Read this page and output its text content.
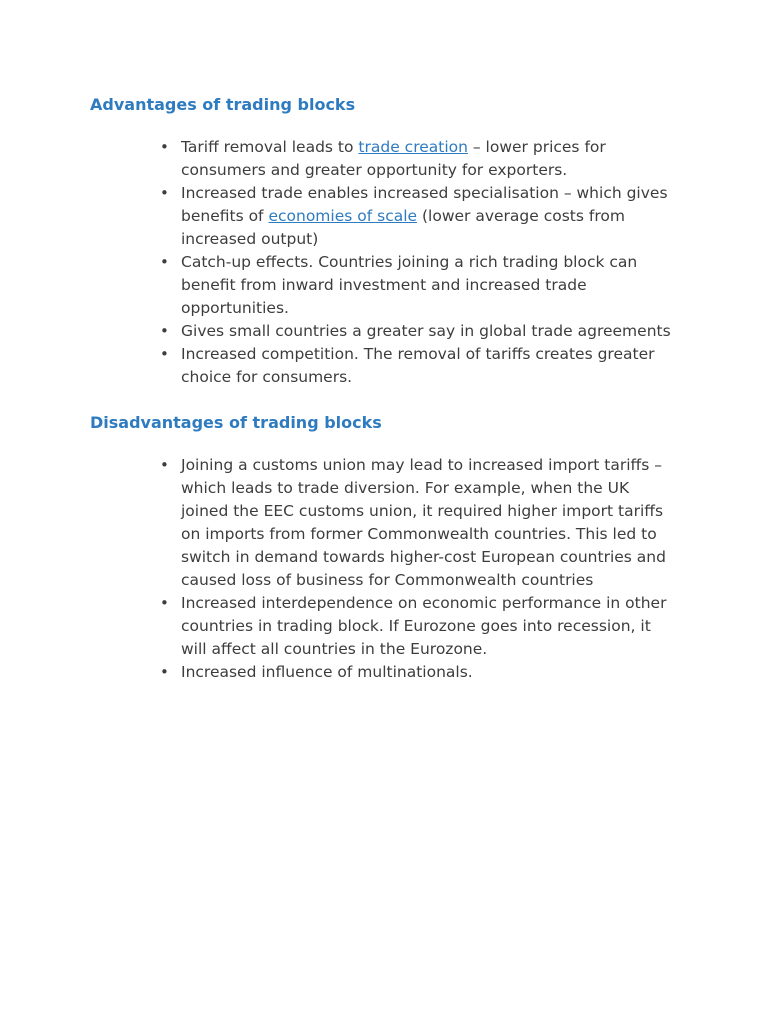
Advantages of trading blocks
• Tariff removal leads to trade creation – lower prices for consumers and greater opportunity for exporters.
• Increased trade enables increased specialisation – which gives benefits of economies of scale (lower average costs from increased output)
• Catch-up effects. Countries joining a rich trading block can benefit from inward investment and increased trade opportunities.
• Gives small countries a greater say in global trade agreements
• Increased competition. The removal of tariffs creates greater choice for consumers.
Disadvantages of trading blocks
• Joining a customs union may lead to increased import tariffs – which leads to trade diversion. For example, when the UK joined the EEC customs union, it required higher import tariffs on imports from former Commonwealth countries. This led to switch in demand towards higher-cost European countries and caused loss of business for Commonwealth countries
• Increased interdependence on economic performance in other countries in trading block. If Eurozone goes into recession, it will affect all countries in the Eurozone.
• Increased influence of multinationals.
